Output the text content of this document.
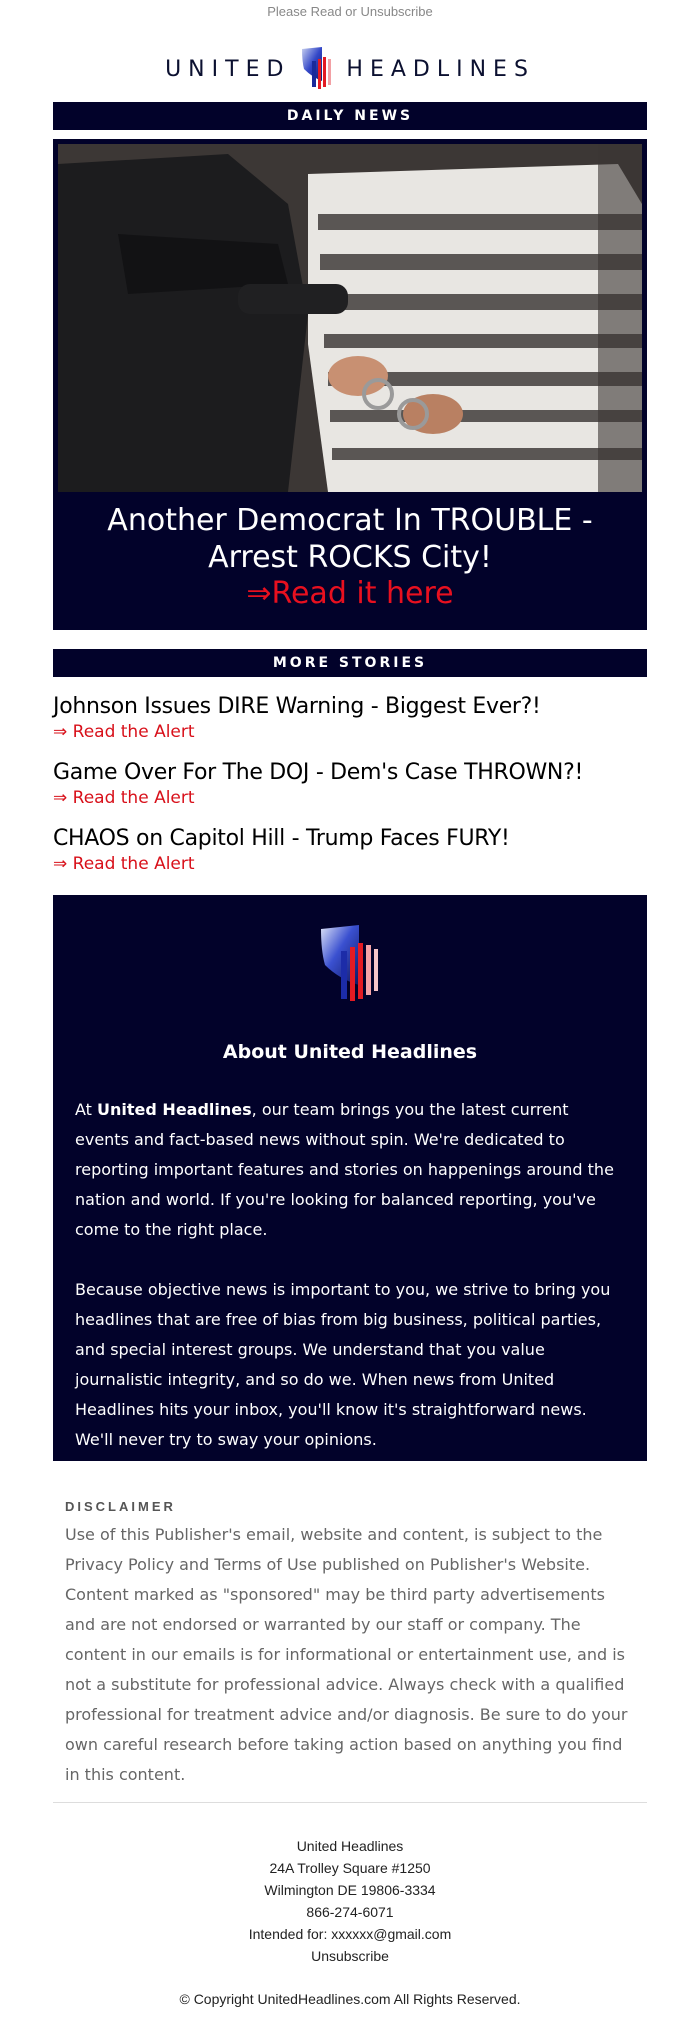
Please Read or Unsubscribe
UNITED	HEADLINES
DAILY NEWS
Another Democrat In TROUBLE - Arrest ROCKS City!
⇒Read it here
MORE STORIES
Johnson Issues DIRE Warning - Biggest Ever?!
⇒ Read the Alert
Game Over For The DOJ - Dem's Case THROWN?!
⇒ Read the Alert
CHAOS on Capitol Hill - Trump Faces FURY!
⇒ Read the Alert
About United Headlines

At United Headlines, our team brings you the latest current events and fact-based news without spin. We're dedicated to reporting important features and stories on happenings around the nation and world. If you're looking for balanced reporting, you've come to the right place.

Because objective news is important to you, we strive to bring you headlines that are free of bias from big business, political parties, and special interest groups. We understand that you value journalistic integrity, and so do we. When news from United Headlines hits your inbox, you'll know it's straightforward news. We'll never try to sway your opinions.

DISCLAIMER
Use of this Publisher's email, website and content, is subject to the Privacy Policy and Terms of Use published on Publisher's Website. Content marked as "sponsored" may be third party advertisements and are not endorsed or warranted by our staff or company. The content in our emails is for informational or entertainment use, and is not a substitute for professional advice. Always check with a qualified professional for treatment advice and/or diagnosis. Be sure to do your own careful research before taking action based on anything you find in this content.
United Headlines
24A Trolley Square #1250
Wilmington DE 19806-3334
866-274-6071
Intended for: xxxxxx@gmail.com
Unsubscribe
© Copyright UnitedHeadlines.com All Rights Reserved.
